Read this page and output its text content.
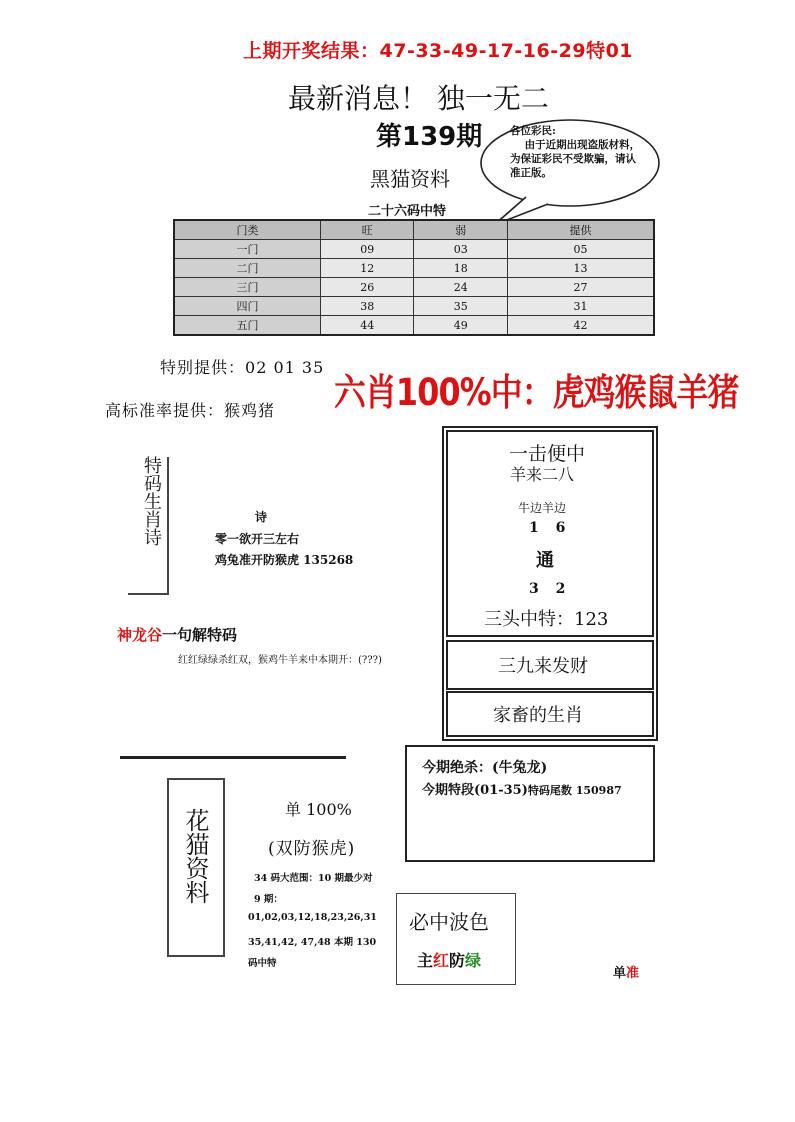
上期开奖结果：47-33-49-17-16-29特01
最新消息！ 独一无二
第139期	各位彩民:
由于近期出现盗版材料，为保证彩民不受欺骗，请认准正版。
黑猫资料
二十六码中特
门类	旺	弱	提供
一门	09	03	05
二门	12	18	13
三门	26	24	27
四门	38	35	31
五门	44	49	42
特别提供：02 01 35
六肖100%中：虎鸡猴鼠羊猪
高标准率提供：猴鸡猪
特码生肖诗	诗
零一欲开三左右
鸡兔准开防猴虎 135268
神龙谷一句解特码
红红绿绿杀红双，猴鸡牛羊来中本期开：(???)
一击便中
羊来二八
牛边羊边
1 6
通
3 2
三头中特：123
三九来发财
家畜的生肖
今期绝杀：(牛兔龙)
今期特段(01-35)特码尾数 150987
花猫资料	单 100%
(双防猴虎)
34 码大范围：10 期最少对
9 期：
01,02,03,12,18,23,26,31
35,41,42, 47,48 本期 130
码中特
必中波色
主红防绿
单准
